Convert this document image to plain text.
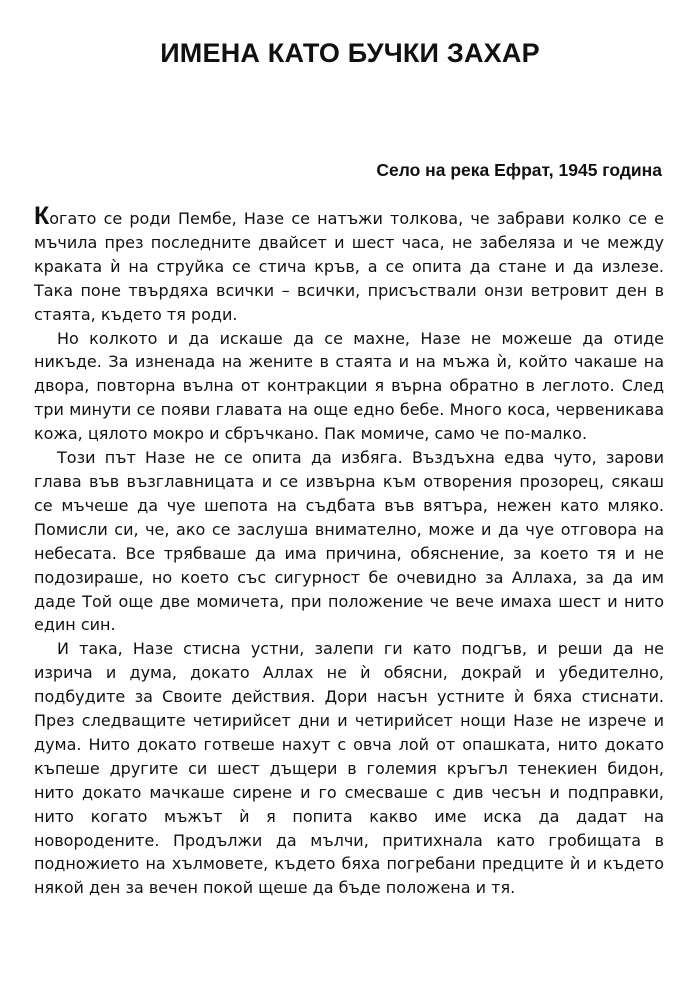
ИМЕНА КАТО БУЧКИ ЗАХАР
Село на река Ефрат, 1945 година

Когато се роди Пембе, Назе се натъжи толкова, че забрави колко се е мъчила през последните двайсет и шест часа, не забеляза и че между краката ѝ на струйка се стича кръв, а се опита да стане и да излезе. Така поне твърдяха всички – всички, присъствали онзи ветровит ден в стаята, където тя роди.

Но колкото и да искаше да се махне, Назе не можеше да отиде никъде. За изненада на жените в стаята и на мъжа ѝ, който чакаше на двора, повторна вълна от контракции я върна обратно в леглото. След три минути се появи главата на още едно бебе. Много коса, червеникава кожа, цялото мокро и сбръчкано. Пак момиче, само че по-малко.

Този път Назе не се опита да избяга. Въздъхна едва чуто, зарови глава във възглавницата и се извърна към отворения прозорец, сякаш се мъчеше да чуе шепота на съдбата във вятъра, нежен като мляко. Помисли си, че, ако се заслуша внимателно, може и да чуе отговора на небесата. Все трябваше да има причина, обяснение, за което тя и не подозираше, но което със сигурност бе очевидно за Аллаха, за да им даде Той още две момичета, при положение че вече имаха шест и нито един син.

И така, Назе стисна устни, залепи ги като подгъв, и реши да не изрича и дума, докато Аллах не ѝ обясни, докрай и убедително, подбудите за Своите действия. Дори насън устните ѝ бяха стиснати. През следващите четирийсет дни и четирийсет нощи Назе не изрече и дума. Нито докато готвеше нахут с овча лой от опашката, нито докато къпеше другите си шест дъщери в големия кръгъл тенекиен бидон, нито докато мачкаше сирене и го смесваше с див чесън и подправки, нито когато мъжът ѝ я попита какво име иска да дадат на новородените. Продължи да мълчи, притихнала като гробищата в подножието на хълмовете, където бяха погребани предците ѝ и където някой ден за вечен покой щеше да бъде положена и тя.
